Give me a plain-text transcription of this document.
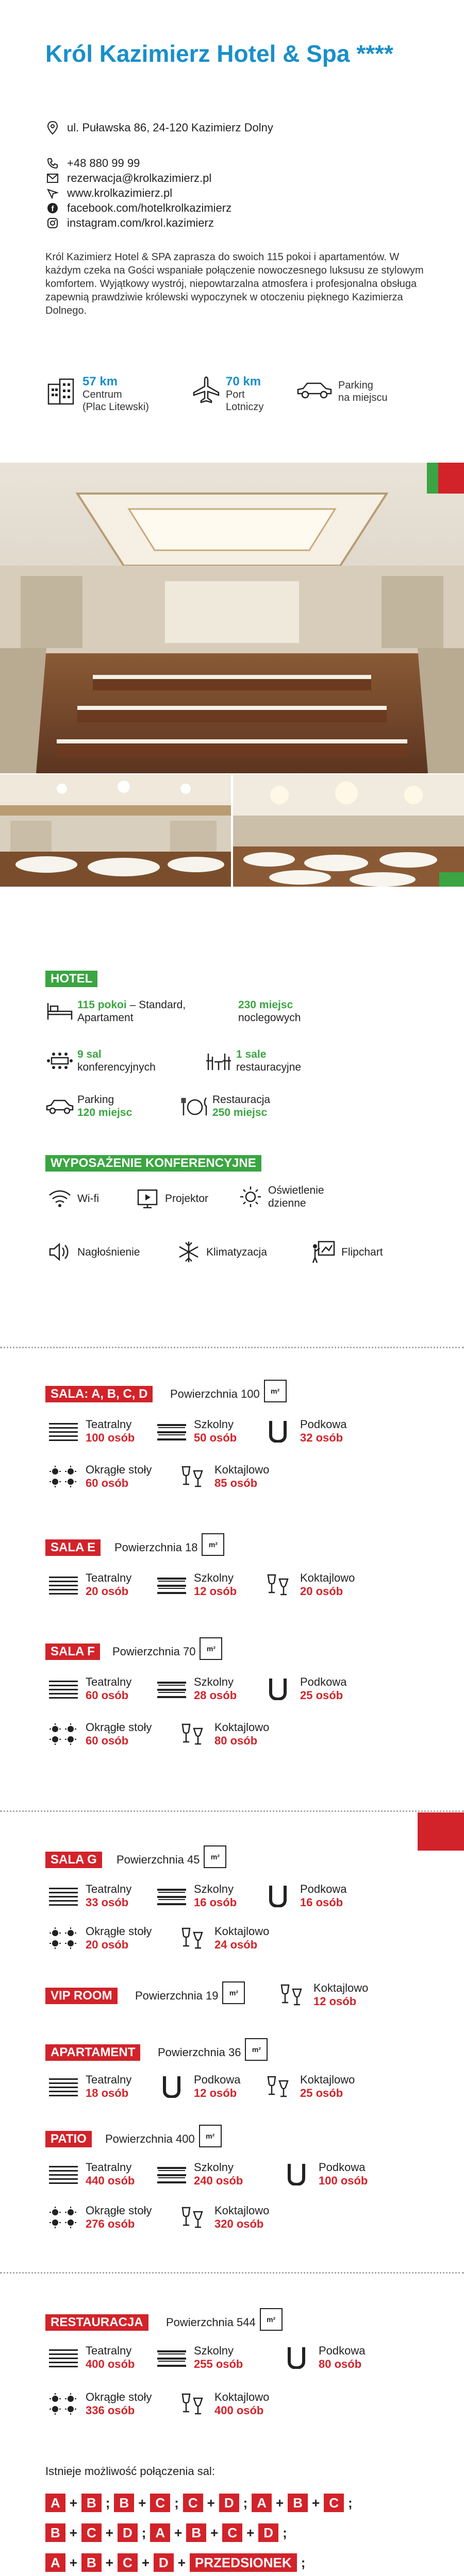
Król Kazimierz Hotel & Spa ****
ul. Puławska 86, 24-120 Kazimierz Dolny
+48 880 99 99
rezerwacja@krolkazimierz.pl
www.krolkazimierz.pl
f facebook.com/hotelkrolkazimierz
instagram.com/krol.kazimierz
Król Kazimierz Hotel & SPA zaprasza do swoich 115 pokoi i apartamentów. W każdym czeka na Gości wspaniałe połączenie nowoczesnego luksusu ze stylowym komfortem. Wyjątkowy wystrój, niepowtarzalna atmosfera i profesjonalna obsługa zapewnią prawdziwie królewski wypoczynek w otoczeniu pięknego Kazimierza Dolnego.
57 km
Centrum
(Plac Litewski)
70 km
Port
Lotniczy
Parking
na miejscu
HOTEL
115 pokoi – Standard, Apartament
230 miejsc
noclegowych
9 sal
konferencyjnych
1 sale
restauracyjne
Parking
120 miejsc
Restauracja
250 miejsc
WYPOSAŻENIE KONFERENCYJNE
Wi-fi	Projektor
Oświetlenie
dzienne
Nagłośnienie	Klimatyzacja	Flipchart
SALA: A, B, C, D	Powierzchnia
100	m²
Teatralny
100 osób
Szkolny
50 osób
Podkowa
32 osób
Okrągłe stoły
60 osób
Koktajlowo
85 osób
SALA E	Powierzchnia
18	m²
Teatralny
20 osób
Szkolny
12 osób
Koktajlowo
20 osób
SALA F	Powierzchnia
70	m²
Teatralny
60 osób
Szkolny
28 osób
Podkowa
25 osób
Okrągłe stoły
60 osób
Koktajlowo
80 osób
SALA G	Powierzchnia
45	m²
Teatralny
33 osób
Szkolny
16 osób
Podkowa
16 osób
Okrągłe stoły
20 osób
Koktajlowo
24 osób
VIP ROOM	Powierzchnia
19	m²	Koktajlowo
12 osób
APARTAMENT	Powierzchnia
36	m²
Teatralny
18 osób
Podkowa
12 osób
Koktajlowo
25 osób
PATIO	Powierzchnia
400	m²
Teatralny
440 osób
Szkolny
240 osób
Podkowa
100 osób
Okrągłe stoły
276 osób
Koktajlowo
320 osób
RESTAURACJA	Powierzchnia
544	m²
Teatralny
400 osób
Szkolny
255 osób
Podkowa
80 osób
Okrągłe stoły
336 osób
Koktajlowo
400 osób
Istnieje możliwość połączenia sal:
A + B ; B + C ; C + D ; A + B + C ;
B + C + D ; A + B + C + D ;
A + B + C + D + PRZEDSIONEK ;
